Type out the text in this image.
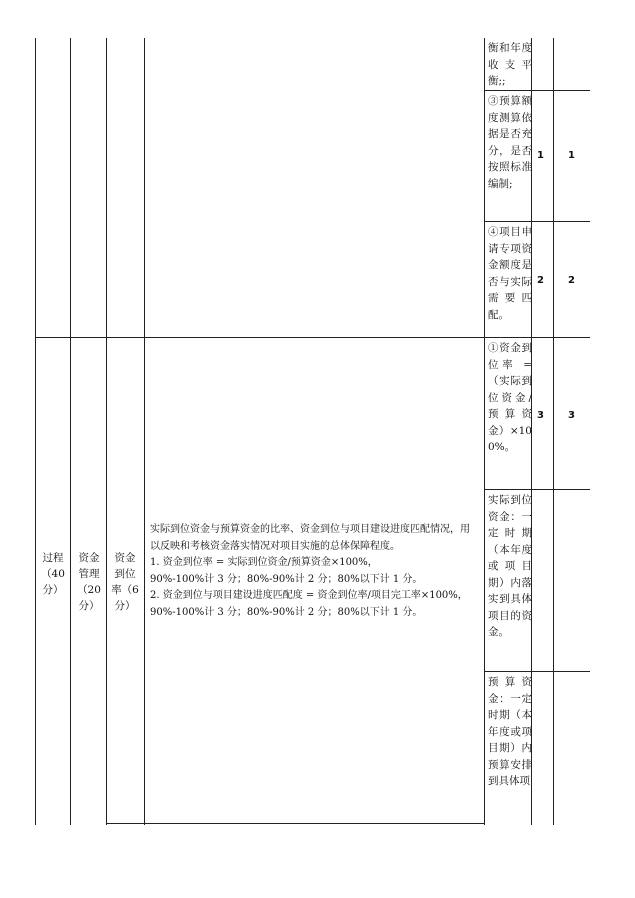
衡和年度收支平衡;;
③预算额度测算依据是否充分，是否按照标准编制;
1 1
④项目申请专项资金额度是否与实际需要匹配。
2 2
过程（40分）
资金管理（20分）
资金到位率（6分）

实际到位资金与预算资金的比率、资金到位与项目建设进度匹配情况，用以反映和考核资金落实情况对项目实施的总体保障程度。

1. 资金到位率 = 实际到位资金/预算资金×100%，

90%-100%计 3 分；80%-90%计 2 分；80%以下计 1 分。

2. 资金到位与项目建设进度匹配度 = 资金到位率/项目完工率×100%，

90%-100%计 3 分；80%-90%计 2 分；80%以下计 1 分。

①资金到位率 =（实际到位资金/预算资金）×100%。
3 3
实际到位资金：一定时期（本年度或项目期）内落实到具体项目的资金。
预算资金：一定时期（本年度或项目期）内预算安排到具体项
